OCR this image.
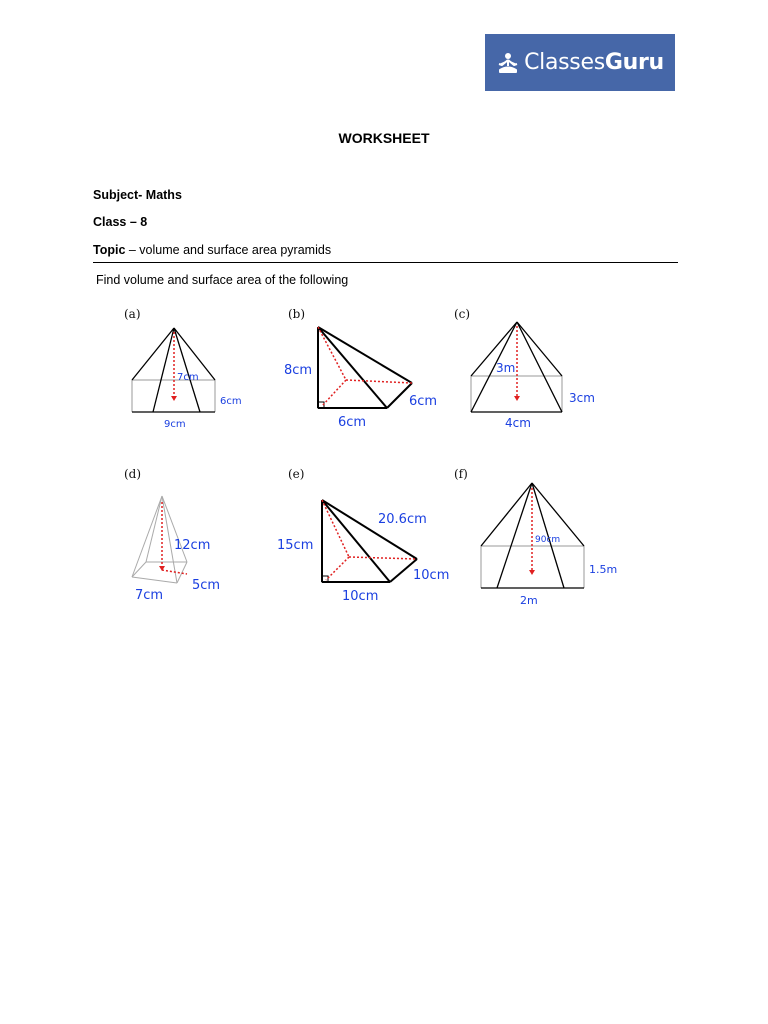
Classes Guru
WORKSHEET
Subject- Maths
Class – 8
Topic – volume and surface area pyramids
Find volume and surface area of the following
(a)
7cm
6cm
9cm
(b)
8cm
6cm
6cm
(c)
3m
3cm
4cm
(d)
12cm
5cm
7cm
(e)
20.6cm
15cm
10cm
10cm
(f)
90cm
1.5m
2m
